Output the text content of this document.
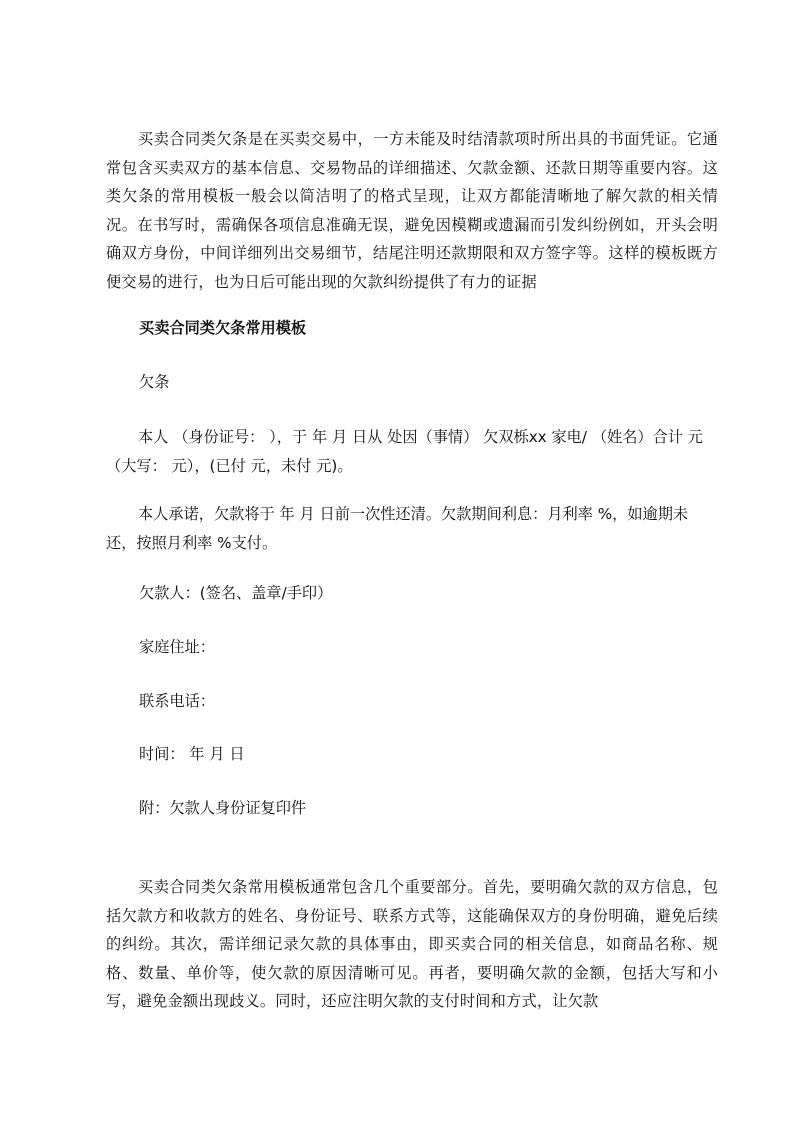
买卖合同类欠条是在买卖交易中，一方未能及时结清款项时所出具的书面凭证。它通常包含买卖双方的基本信息、交易物品的详细描述、欠款金额、还款日期等重要内容。这类欠条的常用模板一般会以简洁明了的格式呈现，让双方都能清晰地了解欠款的相关情况。在书写时，需确保各项信息准确无误，避免因模糊或遗漏而引发纠纷例如，开头会明确双方身份，中间详细列出交易细节，结尾注明还款期限和双方签字等。这样的模板既方便交易的进行，也为日后可能出现的欠款纠纷提供了有力的证据

买卖合同类欠条常用模板

欠条

本人 （身份证号： ），于 年 月 日从 处因（事情） 欠双栎xx 家电/ （姓名）合计 元（大写： 元），(已付 元，未付 元)。

本人承诺，欠款将于 年 月 日前一次性还清。欠款期间利息：月利率 %，如逾期未还，按照月利率 %支付。

欠款人：(签名、盖章/手印）

家庭住址：

联系电话：

时间： 年 月 日

附：欠款人身份证复印件

买卖合同类欠条常用模板通常包含几个重要部分。首先，要明确欠款的双方信息，包括欠款方和收款方的姓名、身份证号、联系方式等，这能确保双方的身份明确，避免后续的纠纷。其次，需详细记录欠款的具体事由，即买卖合同的相关信息，如商品名称、规格、数量、单价等，使欠款的原因清晰可见。再者，要明确欠款的金额，包括大写和小写，避免金额出现歧义。同时，还应注明欠款的支付时间和方式，让欠款
